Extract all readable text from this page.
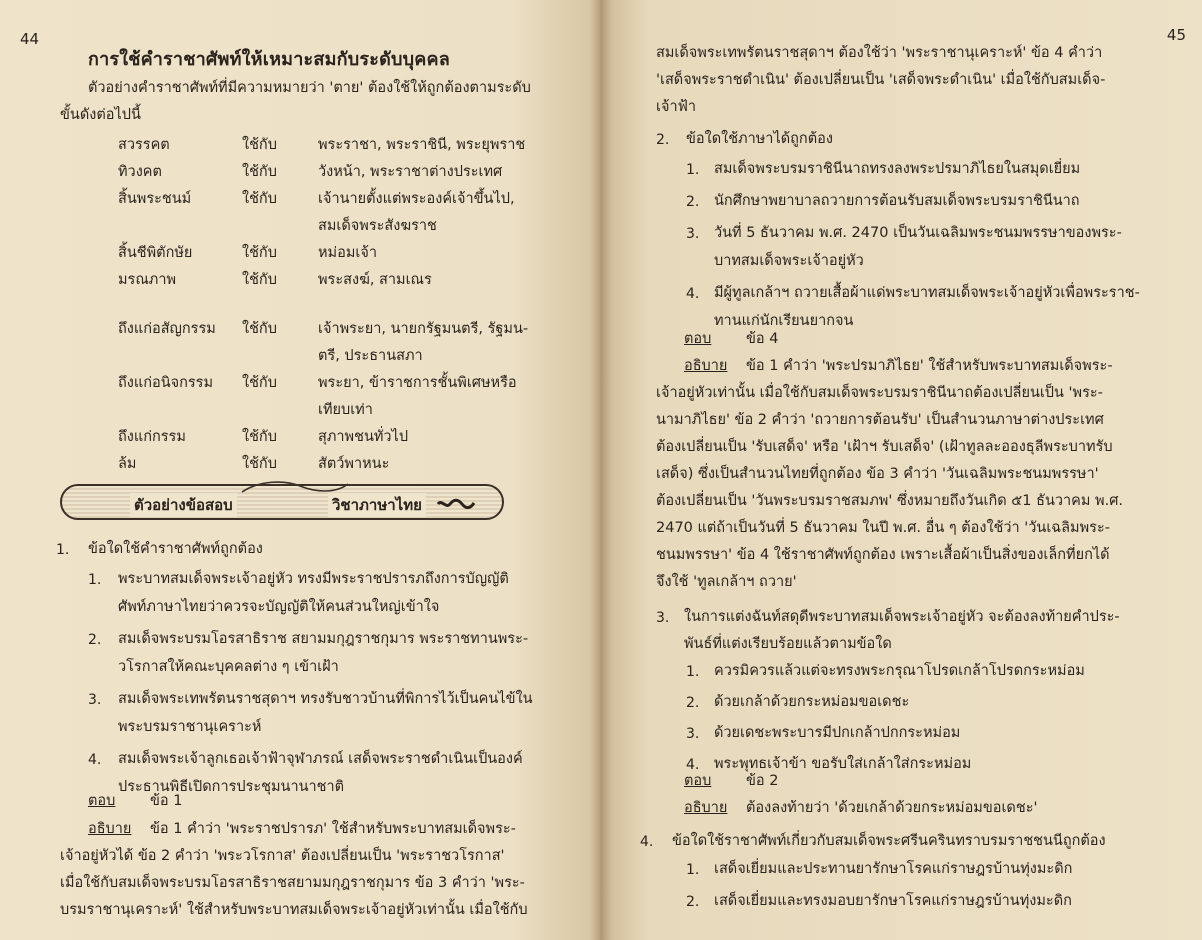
44
การใช้คำราชาศัพท์ให้เหมาะสมกับระดับบุคคล
ตัวอย่างคำราชาศัพท์ที่มีความหมายว่า 'ตาย' ต้องใช้ให้ถูกต้องตามระดับ
ขั้นดังต่อไปนี้
สวรรคต	ใช้กับ	พระราชา, พระราชินี, พระยุพราช
ทิวงคต	ใช้กับ	วังหน้า, พระราชาต่างประเทศ
สิ้นพระชนม์	ใช้กับ	เจ้านายตั้งแต่พระองค์เจ้าขึ้นไป,
สมเด็จพระสังฆราช
สิ้นชีพิตักษัย	ใช้กับ	หม่อมเจ้า
มรณภาพ	ใช้กับ	พระสงฆ์, สามเณร
ถึงแก่อสัญกรรม ใช้กับ	เจ้าพระยา, นายกรัฐมนตรี, รัฐมน-
ตรี, ประธานสภา
ถึงแก่อนิจกรรม ใช้กับ	พระยา, ข้าราชการชั้นพิเศษหรือ
เทียบเท่า
ถึงแก่กรรม	ใช้กับ	สุภาพชนทั่วไป
ล้ม	ใช้กับ	สัตว์พาหนะ
ตัวอย่างข้อสอบ	วิชาภาษาไทย
1. ข้อใดใช้คำราชาศัพท์ถูกต้อง
1. พระบาทสมเด็จพระเจ้าอยู่หัว ทรงมีพระราชปรารภถึงการบัญญัติ
ศัพท์ภาษาไทยว่าควรจะบัญญัติให้คนส่วนใหญ่เข้าใจ
2. สมเด็จพระบรมโอรสาธิราช สยามมกุฎราชกุมาร พระราชทานพระ-
วโรกาสให้คณะบุคคลต่าง ๆ เข้าเฝ้า
3. สมเด็จพระเทพรัตนราชสุดาฯ ทรงรับชาวบ้านที่พิการไว้เป็นคนไข้ใน
พระบรมราชานุเคราะห์
4. สมเด็จพระเจ้าลูกเธอเจ้าฟ้าจุฬาภรณ์ เสด็จพระราชดำเนินเป็นองค์
ประธานพิธีเปิดการประชุมนานาชาติ
ตอบ ข้อ 1
อธิบาย ข้อ 1 คำว่า 'พระราชปรารภ' ใช้สำหรับพระบาทสมเด็จพระ-
เจ้าอยู่หัวได้ ข้อ 2 คำว่า 'พระวโรกาส' ต้องเปลี่ยนเป็น 'พระราชวโรกาส'
เมื่อใช้กับสมเด็จพระบรมโอรสาธิราชสยามมกุฎราชกุมาร ข้อ 3 คำว่า 'พระ-
บรมราชานุเคราะห์' ใช้สำหรับพระบาทสมเด็จพระเจ้าอยู่หัวเท่านั้น เมื่อใช้กับ
45
สมเด็จพระเทพรัตนราชสุดาฯ ต้องใช้ว่า 'พระราชานุเคราะห์' ข้อ 4 คำว่า
'เสด็จพระราชดำเนิน' ต้องเปลี่ยนเป็น 'เสด็จพระดำเนิน' เมื่อใช้กับสมเด็จ-
เจ้าฟ้า
2. ข้อใดใช้ภาษาได้ถูกต้อง
1. สมเด็จพระบรมราชินีนาถทรงลงพระปรมาภิไธยในสมุดเยี่ยม
2. นักศึกษาพยาบาลถวายการต้อนรับสมเด็จพระบรมราชินีนาถ
3. วันที่ 5 ธันวาคม พ.ศ. 2470 เป็นวันเฉลิมพระชนมพรรษาของพระ-
บาทสมเด็จพระเจ้าอยู่หัว
4. มีผู้ทูลเกล้าฯ ถวายเสื้อผ้าแด่พระบาทสมเด็จพระเจ้าอยู่หัวเพื่อพระราช-
ทานแก่นักเรียนยากจน
ตอบ ข้อ 4
อธิบาย ข้อ 1 คำว่า 'พระปรมาภิไธย' ใช้สำหรับพระบาทสมเด็จพระ-
เจ้าอยู่หัวเท่านั้น เมื่อใช้กับสมเด็จพระบรมราชินีนาถต้องเปลี่ยนเป็น 'พระ-
นามาภิไธย' ข้อ 2 คำว่า 'ถวายการต้อนรับ' เป็นสำนวนภาษาต่างประเทศ
ต้องเปลี่ยนเป็น 'รับเสด็จ' หรือ 'เฝ้าฯ รับเสด็จ' (เฝ้าทูลละอองธุลีพระบาทรับ
เสด็จ) ซึ่งเป็นสำนวนไทยที่ถูกต้อง ข้อ 3 คำว่า 'วันเฉลิมพระชนมพรรษา'
ต้องเปลี่ยนเป็น 'วันพระบรมราชสมภพ' ซึ่งหมายถึงวันเกิด ๕1 ธันวาคม พ.ศ.
2470 แต่ถ้าเป็นวันที่ 5 ธันวาคม ในปี พ.ศ. อื่น ๆ ต้องใช้ว่า 'วันเฉลิมพระ-
ชนมพรรษา' ข้อ 4 ใช้ราชาศัพท์ถูกต้อง เพราะเสื้อผ้าเป็นสิ่งของเล็กที่ยกได้
จึงใช้ 'ทูลเกล้าฯ ถวาย'
3. ในการแต่งฉันท์สดุดีพระบาทสมเด็จพระเจ้าอยู่หัว จะต้องลงท้ายคำประ-
พันธ์ที่แต่งเรียบร้อยแล้วตามข้อใด
1. ควรมิควรแล้วแต่จะทรงพระกรุณาโปรดเกล้าโปรดกระหม่อม
2. ด้วยเกล้าด้วยกระหม่อมขอเดชะ
3. ด้วยเดชะพระบารมีปกเกล้าปกกระหม่อม
4. พระพุทธเจ้าข้า ขอรับใส่เกล้าใส่กระหม่อม
ตอบ ข้อ 2
อธิบาย ต้องลงท้ายว่า 'ด้วยเกล้าด้วยกระหม่อมขอเดชะ'
4. ข้อใดใช้ราชาศัพท์เกี่ยวกับสมเด็จพระศรีนครินทราบรมราชชนนีถูกต้อง
1. เสด็จเยี่ยมและประทานยารักษาโรคแก่ราษฎรบ้านทุ่งมะดิก
2. เสด็จเยี่ยมและทรงมอบยารักษาโรคแก่ราษฎรบ้านทุ่งมะดิก
